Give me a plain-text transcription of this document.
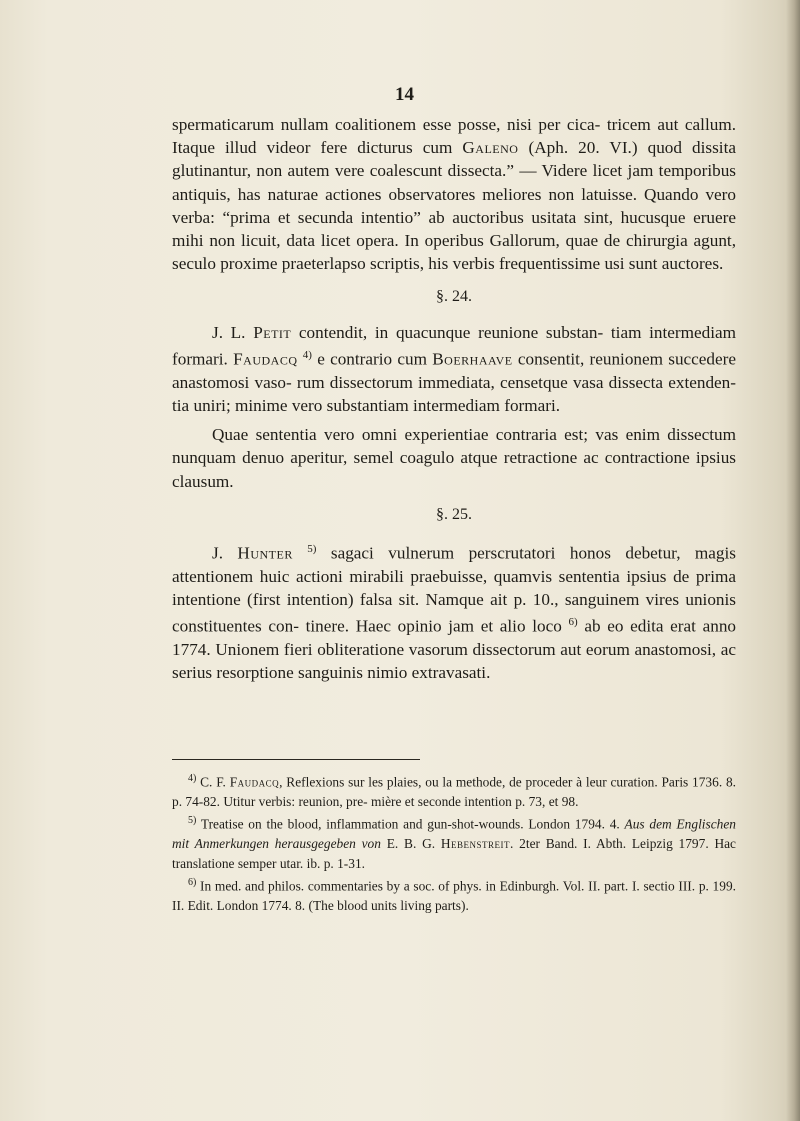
14

spermaticarum nullam coalitionem esse posse, nisi per cica- tricem aut callum. Itaque illud videor fere dicturus cum Galeno (Aph. 20. VI.) quod dissita glutinantur, non autem vere coalescunt dissecta.” — Videre licet jam temporibus antiquis, has naturae actiones observatores meliores non latuisse. Quando vero verba: “prima et secunda intentio” ab auctoribus usitata sint, hucusque eruere mihi non licuit, data licet opera. In operibus Gallorum, quae de chirurgia agunt, seculo proxime praeterlapso scriptis, his verbis frequentissime usi sunt auctores.

§. 24.

J. L. Petit contendit, in quacunque reunione substan- tiam intermediam formari. Faudacq $^{4)}$ e contrario cum Boerhaave consentit, reunionem succedere anastomosi vaso- rum dissectorum immediata, censetque vasa dissecta extenden- tia uniri; minime vero substantiam intermediam formari.

Quae sententia vero omni experientiae contraria est; vas enim dissectum nunquam denuo aperitur, semel coagulo atque retractione ac contractione ipsius clausum.

§. 25.

J. Hunter $^{5)}$ sagaci vulnerum perscrutatori honos debetur, magis attentionem huic actioni mirabili praebuisse, quamvis sententia ipsius de prima intentione (first intention) falsa sit. Namque ait p. 10., sanguinem vires unionis constituentes con- tinere. Haec opinio jam et alio loco $^{6)}$ ab eo edita erat anno 1774. Unionem fieri obliteratione vasorum dissectorum aut eorum anastomosi, ac serius resorptione sanguinis nimio extravasati.

$^{4)}$ C. F. Faudacq, Reflexions sur les plaies, ou la methode, de proceder à leur curation. Paris 1736. 8. p. 74-82. Utitur verbis: reunion, pre- mière et seconde intention p. 73, et 98.

$^{5)}$ Treatise on the blood, inflammation and gun-shot-wounds. London 1794. 4. Aus dem Englischen mit Anmerkungen herausgegeben von E. B. G. Hebenstreit. 2ter Band. I. Abth. Leipzig 1797. Hac translatione semper utar. ib. p. 1-31.

$^{6)}$ In med. and philos. commentaries by a soc. of phys. in Edinburgh. Vol. II. part. I. sectio III. p. 199. II. Edit. London 1774. 8. (The blood units living parts).
